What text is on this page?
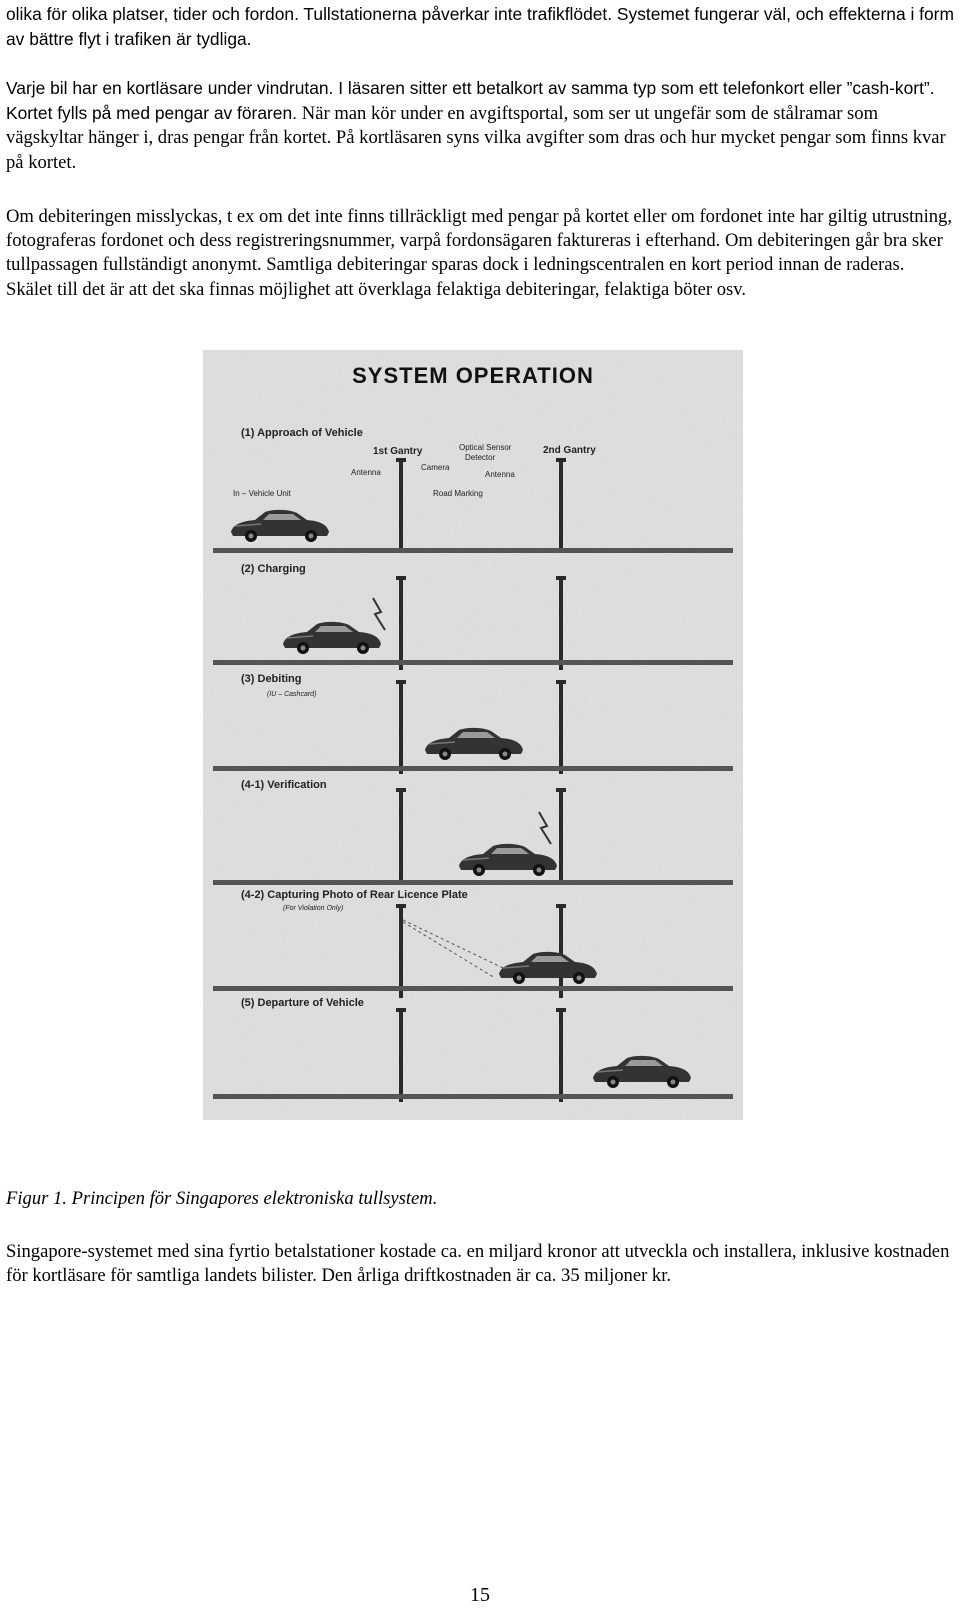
olika för olika platser, tider och fordon. Tullstationerna påverkar inte trafikflödet. Systemet fungerar väl, och effekterna i form av bättre flyt i trafiken är tydliga.

Varje bil har en kortläsare under vindrutan. I läsaren sitter ett betalkort av samma typ som ett telefonkort eller ”cash-kort”. Kortet fylls på med pengar av föraren. När man kör under en avgiftsportal, som ser ut ungefär som de stålramar som vägskyltar hänger i, dras pengar från kortet. På kortläsaren syns vilka avgifter som dras och hur mycket pengar som finns kvar på kortet.

Om debiteringen misslyckas, t ex om det inte finns tillräckligt med pengar på kortet eller om fordonet inte har giltig utrustning, fotograferas fordonet och dess registreringsnummer, varpå fordonsägaren faktureras i efterhand. Om debiteringen går bra sker tullpassagen fullständigt anonymt. Samtliga debiteringar sparas dock i ledningscentralen en kort period innan de raderas. Skälet till det är att det ska finnas möjlighet att överklaga felaktiga debiteringar, felaktiga böter osv.

SYSTEM OPERATION
(1) Approach of Vehicle
1st Gantry	Optical Sensor
Detector
2nd Gantry
Antenna
Camera
Antenna
In – Vehicle Unit	Road Marking
(2) Charging
(3) Debiting
(IU – Cashcard)
(4-1) Verification
(4-2) Capturing Photo of Rear Licence Plate
(For Violation Only)
(5) Departure of Vehicle

Figur 1. Principen för Singapores elektroniska tullsystem.

Singapore-systemet med sina fyrtio betalstationer kostade ca. en miljard kronor att utveckla och installera, inklusive kostnaden för kortläsare för samtliga landets bilister. Den årliga driftkostnaden är ca. 35 miljoner kr.

15
